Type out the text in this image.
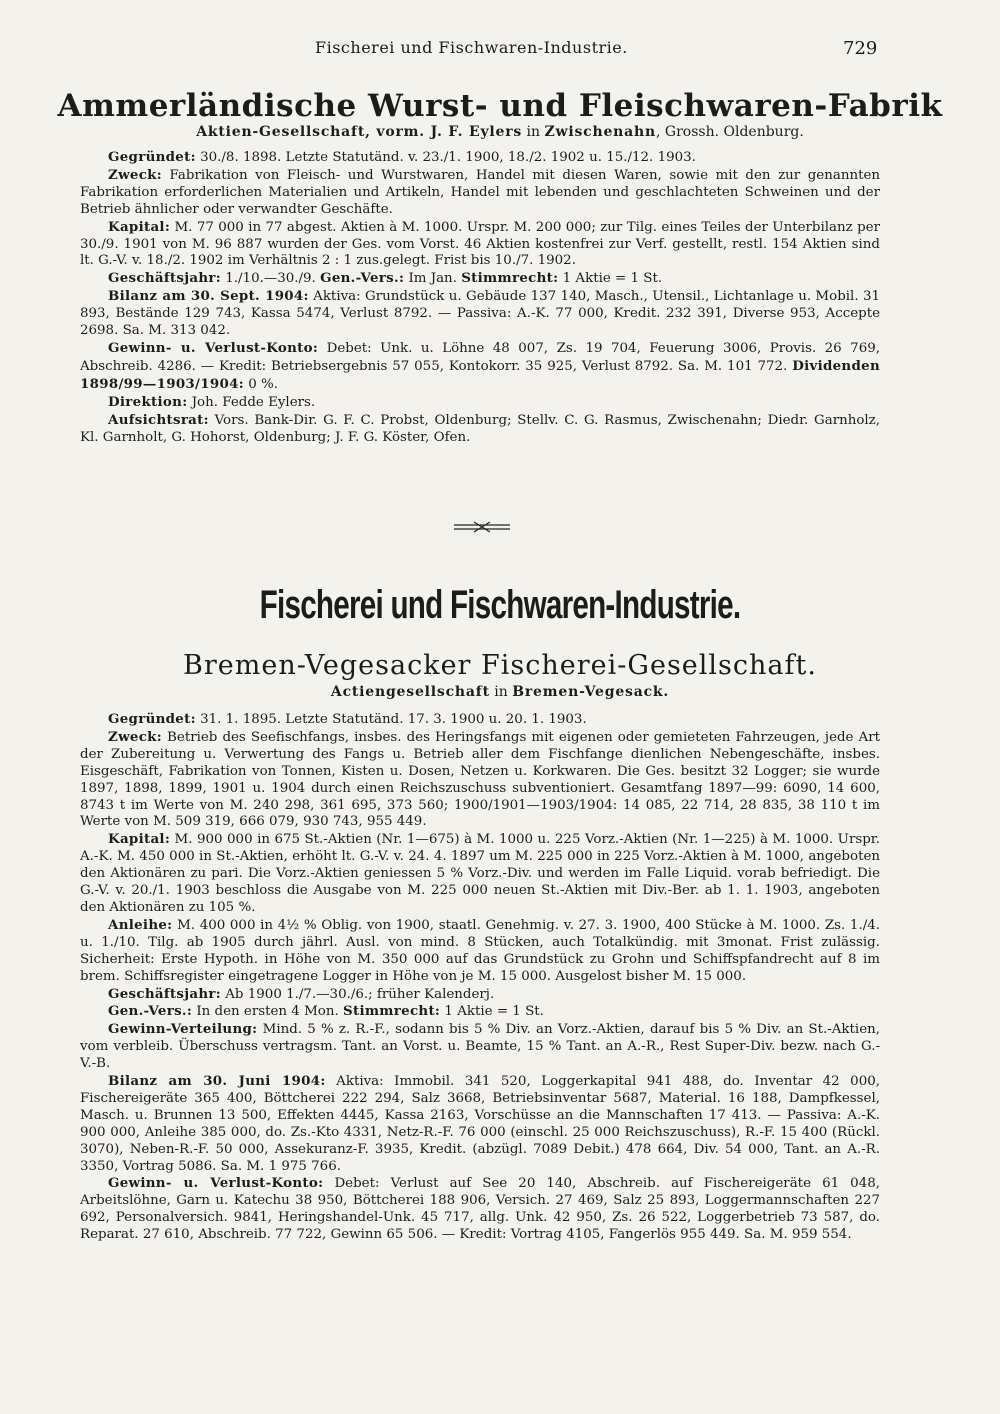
Fischerei und Fischwaren-Industrie.	729
Ammerländische Wurst- und Fleischwaren-Fabrik
Aktien-Gesellschaft, vorm. J. F. Eylers in Zwischenahn, Grossh. Oldenburg.

Gegründet: 30./8. 1898. Letzte Statutänd. v. 23./1. 1900, 18./2. 1902 u. 15./12. 1903.

Zweck: Fabrikation von Fleisch- und Wurstwaren, Handel mit diesen Waren, sowie mit den zur genannten Fabrikation erforderlichen Materialien und Artikeln, Handel mit lebenden und geschlachteten Schweinen und der Betrieb ähnlicher oder verwandter Geschäfte.

Kapital: M. 77 000 in 77 abgest. Aktien à M. 1000. Urspr. M. 200 000; zur Tilg. eines Teiles der Unterbilanz per 30./9. 1901 von M. 96 887 wurden der Ges. vom Vorst. 46 Aktien kostenfrei zur Verf. gestellt, restl. 154 Aktien sind lt. G.-V. v. 18./2. 1902 im Verhältnis 2 : 1 zus.gelegt. Frist bis 10./7. 1902.

Geschäftsjahr: 1./10.—30./9. Gen.-Vers.: Im Jan. Stimmrecht: 1 Aktie = 1 St.

Bilanz am 30. Sept. 1904: Aktiva: Grundstück u. Gebäude 137 140, Masch., Utensil., Lichtanlage u. Mobil. 31 893, Bestände 129 743, Kassa 5474, Verlust 8792. — Passiva: A.-K. 77 000, Kredit. 232 391, Diverse 953, Accepte 2698. Sa. M. 313 042.

Gewinn- u. Verlust-Konto: Debet: Unk. u. Löhne 48 007, Zs. 19 704, Feuerung 3006, Provis. 26 769, Abschreib. 4286. — Kredit: Betriebsergebnis 57 055, Kontokorr. 35 925, Verlust 8792. Sa. M. 101 772. Dividenden 1898/99—1903/1904: 0 %.

Direktion: Joh. Fedde Eylers.

Aufsichtsrat: Vors. Bank-Dir. G. F. C. Probst, Oldenburg; Stellv. C. G. Rasmus, Zwischenahn; Diedr. Garnholz, Kl. Garnholt, G. Hohorst, Oldenburg; J. F. G. Köster, Ofen.

Fischerei und Fischwaren-Industrie.
Bremen-Vegesacker Fischerei-Gesellschaft.
Actiengesellschaft in Bremen-Vegesack.

Gegründet: 31. 1. 1895. Letzte Statutänd. 17. 3. 1900 u. 20. 1. 1903.

Zweck: Betrieb des Seefischfangs, insbes. des Heringsfangs mit eigenen oder gemieteten Fahrzeugen, jede Art der Zubereitung u. Verwertung des Fangs u. Betrieb aller dem Fischfange dienlichen Nebengeschäfte, insbes. Eisgeschäft, Fabrikation von Tonnen, Kisten u. Dosen, Netzen u. Korkwaren. Die Ges. besitzt 32 Logger; sie wurde 1897, 1898, 1899, 1901 u. 1904 durch einen Reichszuschuss subventioniert. Gesamtfang 1897—99: 6090, 14 600, 8743 t im Werte von M. 240 298, 361 695, 373 560; 1900/1901—1903/1904: 14 085, 22 714, 28 835, 38 110 t im Werte von M. 509 319, 666 079, 930 743, 955 449.

Kapital: M. 900 000 in 675 St.-Aktien (Nr. 1—675) à M. 1000 u. 225 Vorz.-Aktien (Nr. 1—225) à M. 1000. Urspr. A.-K. M. 450 000 in St.-Aktien, erhöht lt. G.-V. v. 24. 4. 1897 um M. 225 000 in 225 Vorz.-Aktien à M. 1000, angeboten den Aktionären zu pari. Die Vorz.-Aktien geniessen 5 % Vorz.-Div. und werden im Falle Liquid. vorab befriedigt. Die G.-V. v. 20./1. 1903 beschloss die Ausgabe von M. 225 000 neuen St.-Aktien mit Div.-Ber. ab 1. 1. 1903, angeboten den Aktionären zu 105 %.

Anleihe: M. 400 000 in 4½ % Oblig. von 1900, staatl. Genehmig. v. 27. 3. 1900, 400 Stücke à M. 1000. Zs. 1./4. u. 1./10. Tilg. ab 1905 durch jährl. Ausl. von mind. 8 Stücken, auch Totalkündig. mit 3monat. Frist zulässig. Sicherheit: Erste Hypoth. in Höhe von M. 350 000 auf das Grundstück zu Grohn und Schiffspfandrecht auf 8 im brem. Schiffsregister eingetragene Logger in Höhe von je M. 15 000. Ausgelost bisher M. 15 000.

Geschäftsjahr: Ab 1900 1./7.—30./6.; früher Kalenderj.

Gen.-Vers.: In den ersten 4 Mon. Stimmrecht: 1 Aktie = 1 St.

Gewinn-Verteilung: Mind. 5 % z. R.-F., sodann bis 5 % Div. an Vorz.-Aktien, darauf bis 5 % Div. an St.-Aktien, vom verbleib. Überschuss vertragsm. Tant. an Vorst. u. Beamte, 15 % Tant. an A.-R., Rest Super-Div. bezw. nach G.-V.-B.

Bilanz am 30. Juni 1904: Aktiva: Immobil. 341 520, Loggerkapital 941 488, do. Inventar 42 000, Fischereigeräte 365 400, Böttcherei 222 294, Salz 3668, Betriebsinventar 5687, Material. 16 188, Dampfkessel, Masch. u. Brunnen 13 500, Effekten 4445, Kassa 2163, Vorschüsse an die Mannschaften 17 413. — Passiva: A.-K. 900 000, Anleihe 385 000, do. Zs.-Kto 4331, Netz-R.-F. 76 000 (einschl. 25 000 Reichszuschuss), R.-F. 15 400 (Rückl. 3070), Neben-R.-F. 50 000, Assekuranz-F. 3935, Kredit. (abzügl. 7089 Debit.) 478 664, Div. 54 000, Tant. an A.-R. 3350, Vortrag 5086. Sa. M. 1 975 766.

Gewinn- u. Verlust-Konto: Debet: Verlust auf See 20 140, Abschreib. auf Fischereigeräte 61 048, Arbeitslöhne, Garn u. Katechu 38 950, Böttcherei 188 906, Versich. 27 469, Salz 25 893, Loggermannschaften 227 692, Personalversich. 9841, Heringshandel-Unk. 45 717, allg. Unk. 42 950, Zs. 26 522, Loggerbetrieb 73 587, do. Reparat. 27 610, Abschreib. 77 722, Gewinn 65 506. — Kredit: Vortrag 4105, Fangerlös 955 449. Sa. M. 959 554.
